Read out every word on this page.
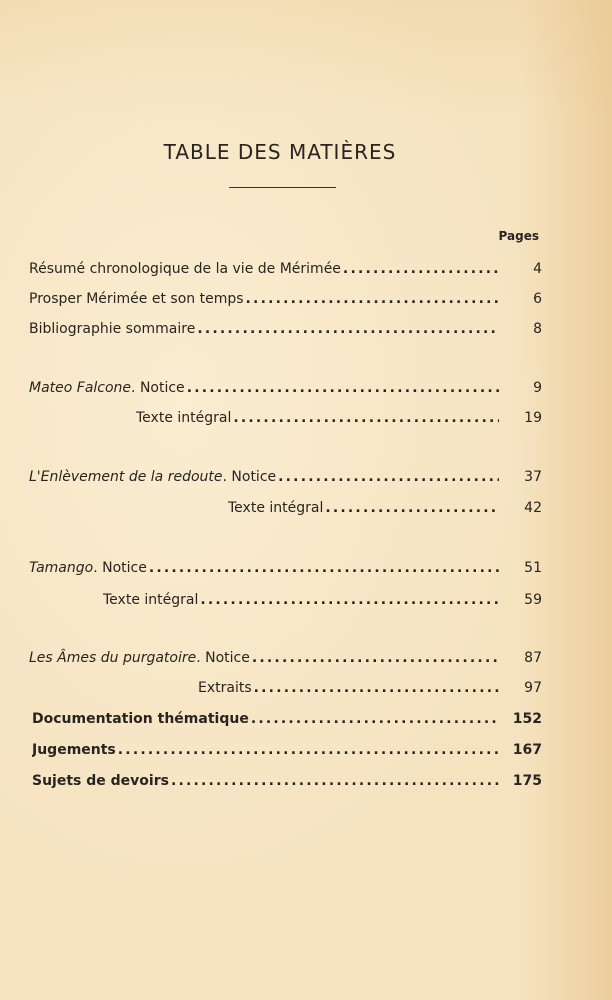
TABLE DES MATIÈRES
Pages
Résumé chronologique de la vie de Mérimée .....	4
Prosper Mérimée et son temps .....	6
Bibliographie sommaire .....	8
Mateo Falcone. Notice .....	9
Texte intégral .....	19
L'Enlèvement de la redoute. Notice .....	37
Texte intégral .....	42
Tamango. Notice .....	51
Texte intégral .....	59
Les Âmes du purgatoire. Notice .....	87
Extraits .....	97
Documentation thématique .....	152
Jugements .....	167
Sujets de devoirs .....	175
